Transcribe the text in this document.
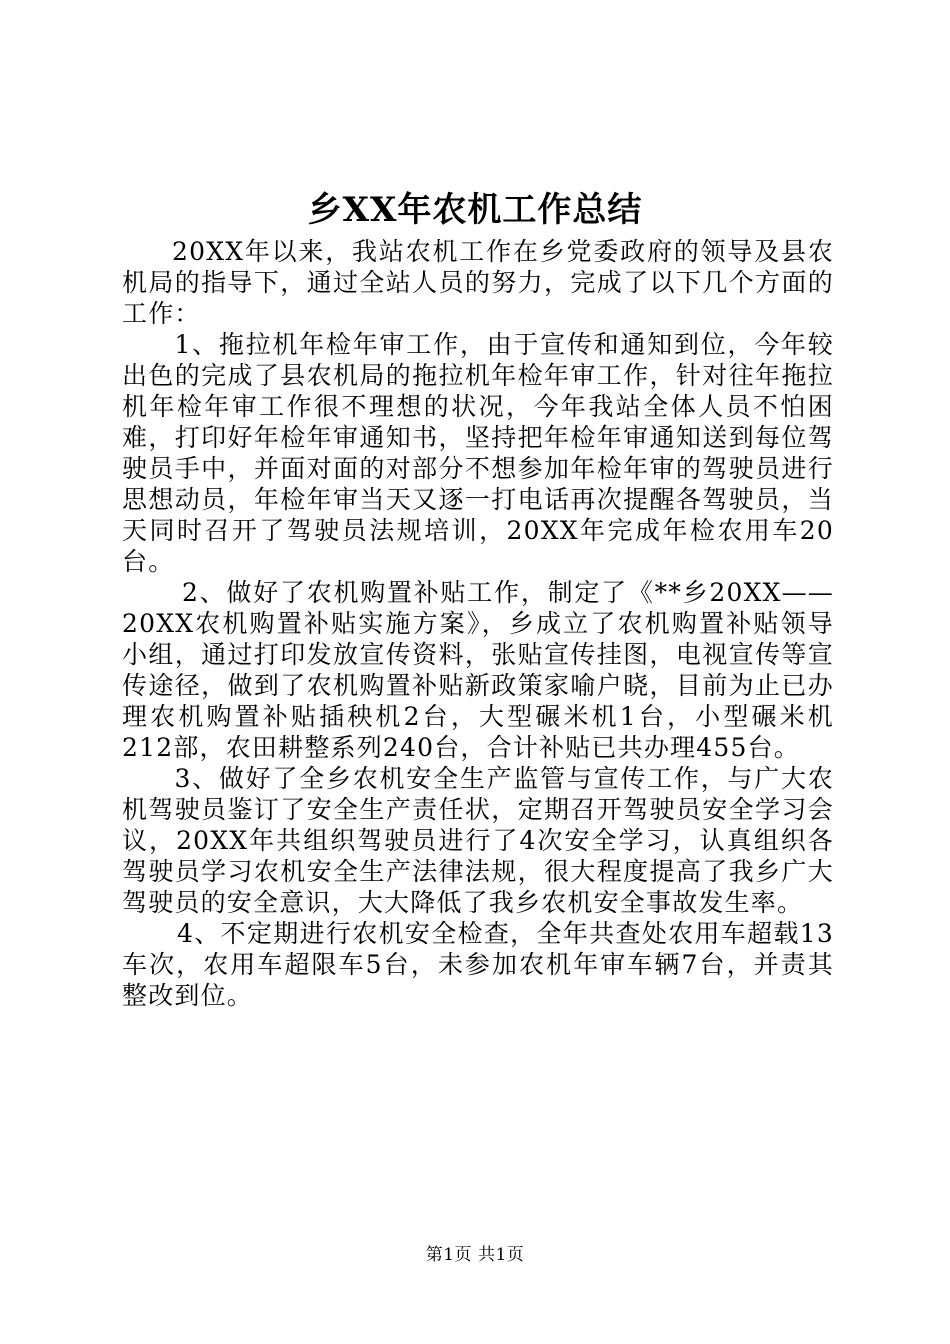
乡XX年农机工作总结

20XX年以来，我站农机工作在乡党委政府的领导及县农机局的指导下，通过全站人员的努力，完成了以下几个方面的工作：

1、拖拉机年检年审工作，由于宣传和通知到位，今年较出色的完成了县农机局的拖拉机年检年审工作，针对往年拖拉机年检年审工作很不理想的状况，今年我站全体人员不怕困难，打印好年检年审通知书，坚持把年检年审通知送到每位驾驶员手中，并面对面的对部分不想参加年检年审的驾驶员进行思想动员，年检年审当天又逐一打电话再次提醒各驾驶员，当天同时召开了驾驶员法规培训，20XX年完成年检农用车20台。

2、做好了农机购置补贴工作，制定了《**乡20XX——20XX农机购置补贴实施方案》，乡成立了农机购置补贴领导小组，通过打印发放宣传资料，张贴宣传挂图，电视宣传等宣传途径，做到了农机购置补贴新政策家喻户晓，目前为止已办理农机购置补贴插秧机2台，大型碾米机1台，小型碾米机212部，农田耕整系列240台，合计补贴已共办理455台。

3、做好了全乡农机安全生产监管与宣传工作，与广大农机驾驶员鉴订了安全生产责任状，定期召开驾驶员安全学习会议，20XX年共组织驾驶员进行了4次安全学习，认真组织各驾驶员学习农机安全生产法律法规，很大程度提高了我乡广大驾驶员的安全意识，大大降低了我乡农机安全事故发生率。

4、不定期进行农机安全检查，全年共查处农用车超载13车次，农用车超限车5台，未参加农机年审车辆7台，并责其整改到位。

第1页 共1页
